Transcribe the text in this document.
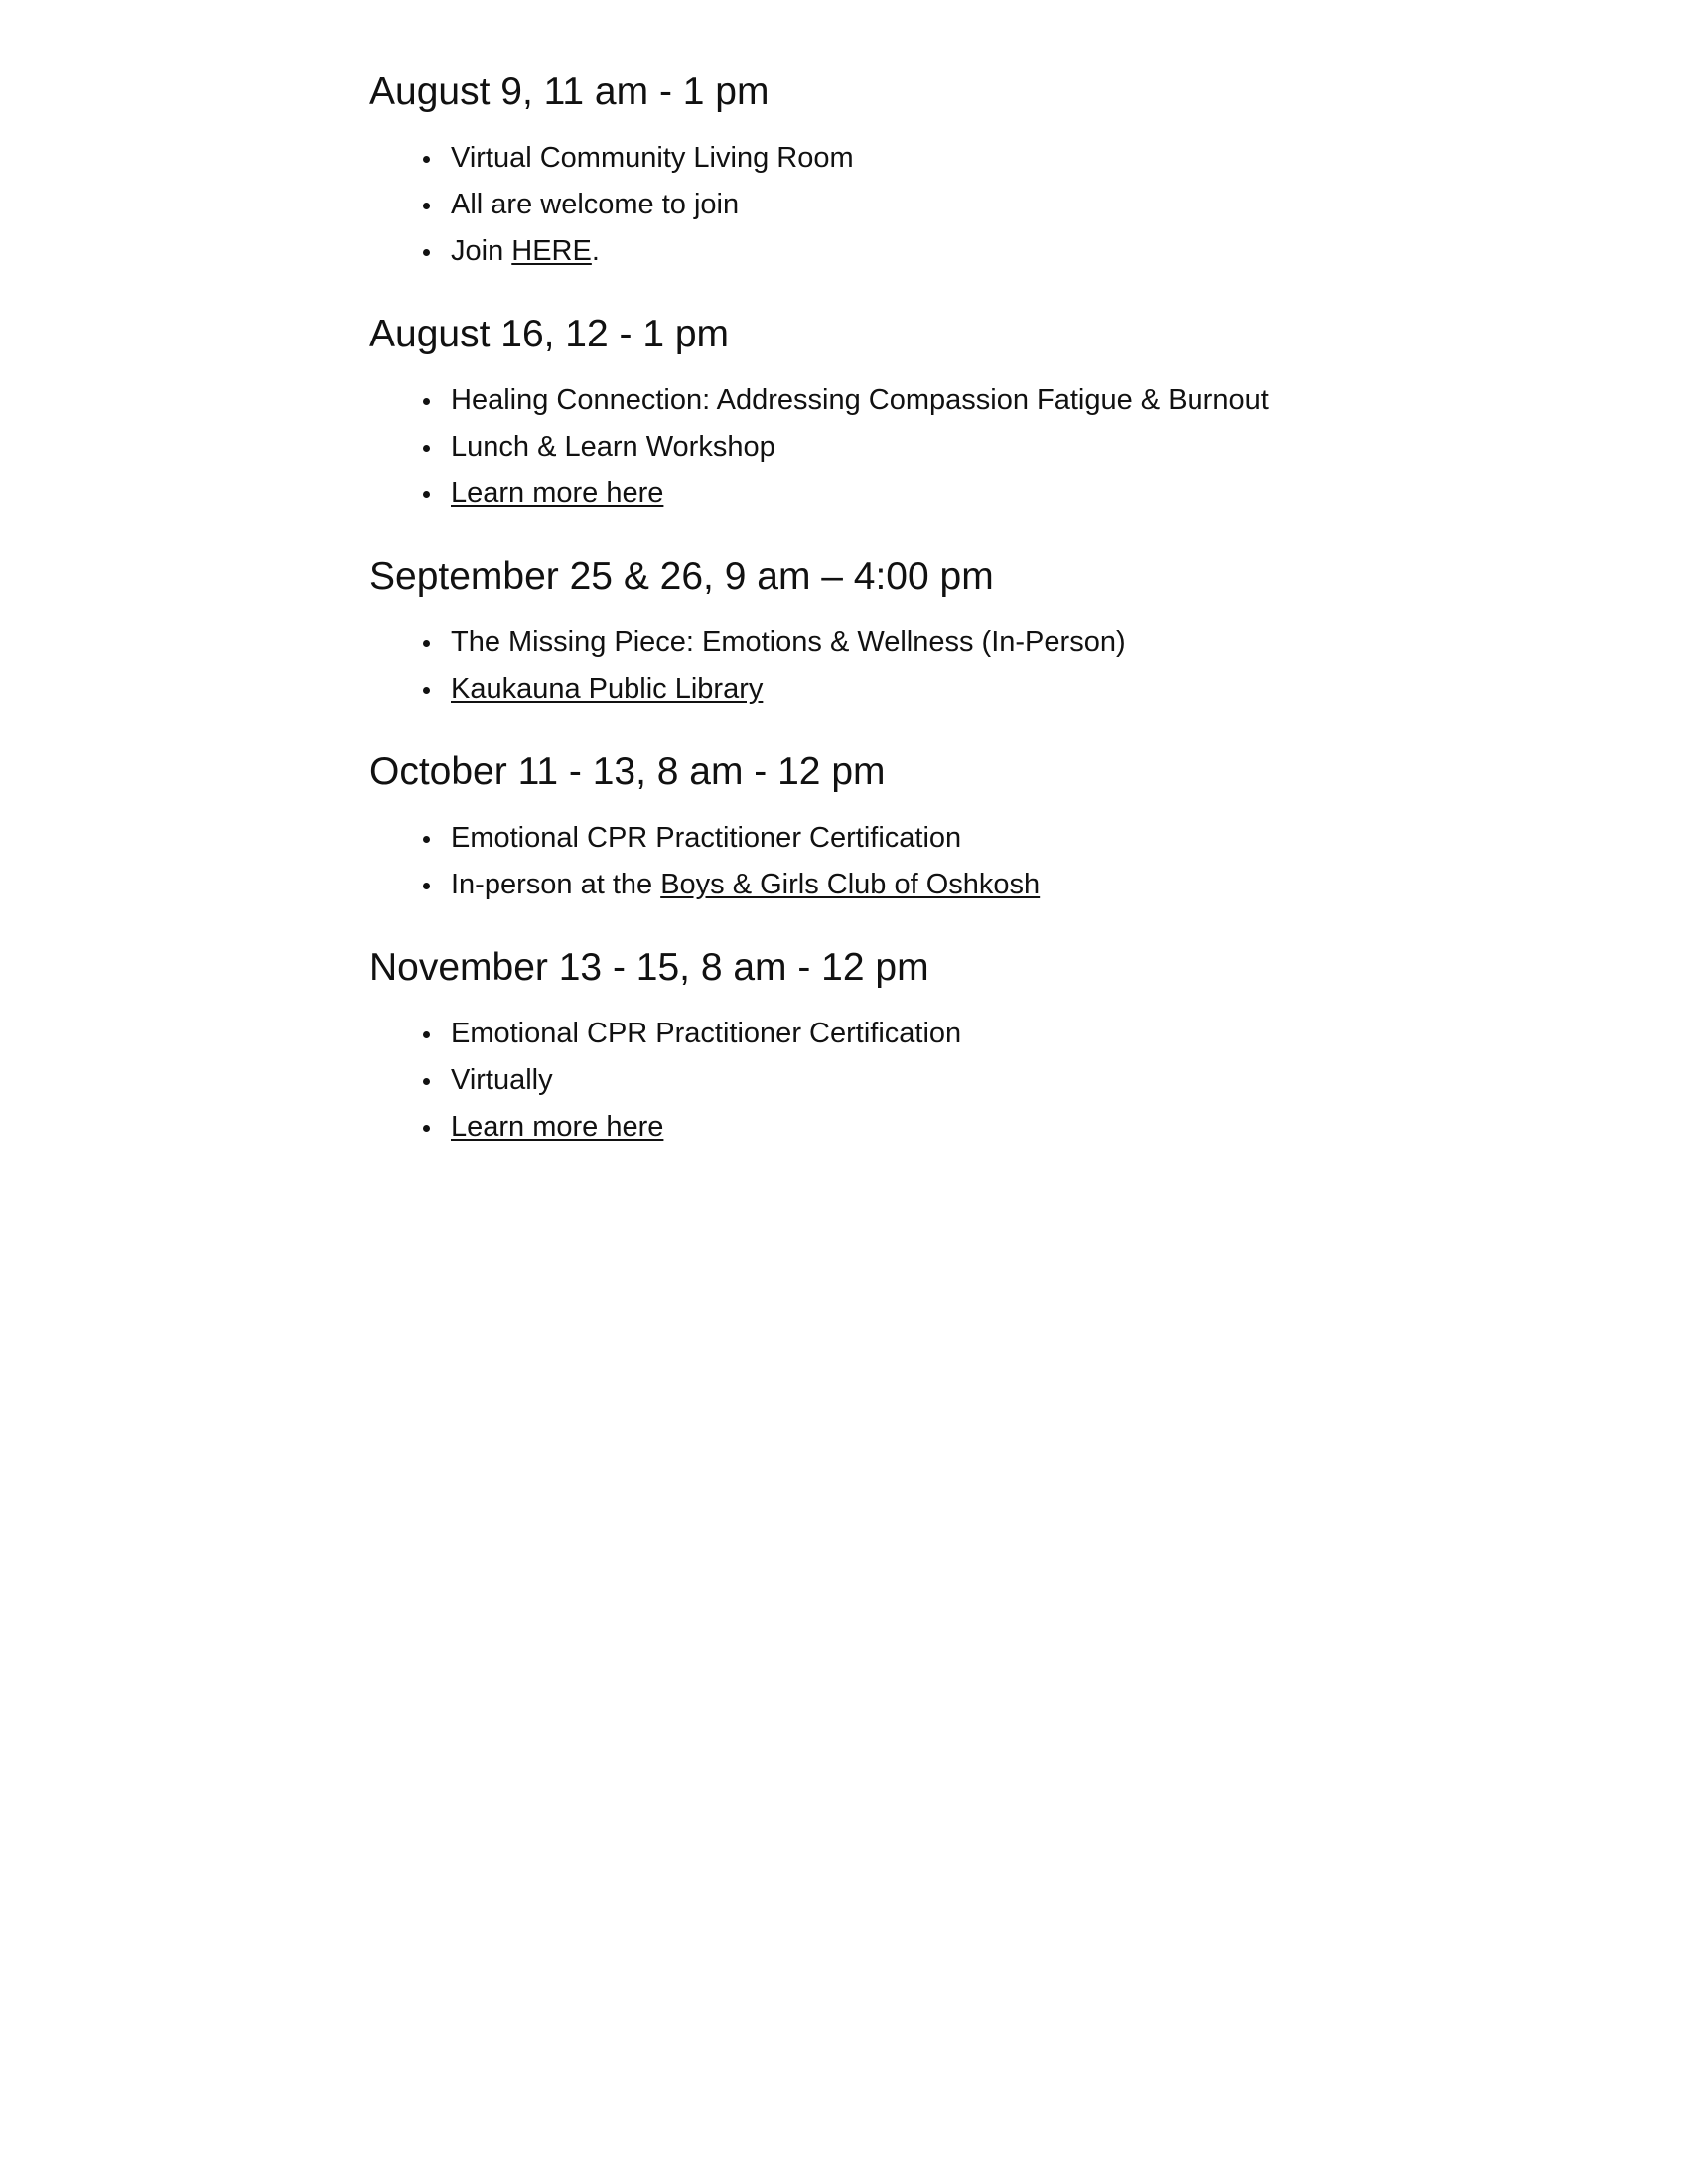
August 9, 11 am - 1 pm
Virtual Community Living Room
All are welcome to join
Join HERE.
August 16, 12 - 1 pm
Healing Connection: Addressing Compassion Fatigue & Burnout
Lunch & Learn Workshop
Learn more here
September 25 & 26, 9 am – 4:00 pm
The Missing Piece: Emotions & Wellness (In-Person)
Kaukauna Public Library
October 11 - 13, 8 am - 12 pm
Emotional CPR Practitioner Certification
In-person at the Boys & Girls Club of Oshkosh
November 13 - 15, 8 am - 12 pm
Emotional CPR Practitioner Certification
Virtually
Learn more here
